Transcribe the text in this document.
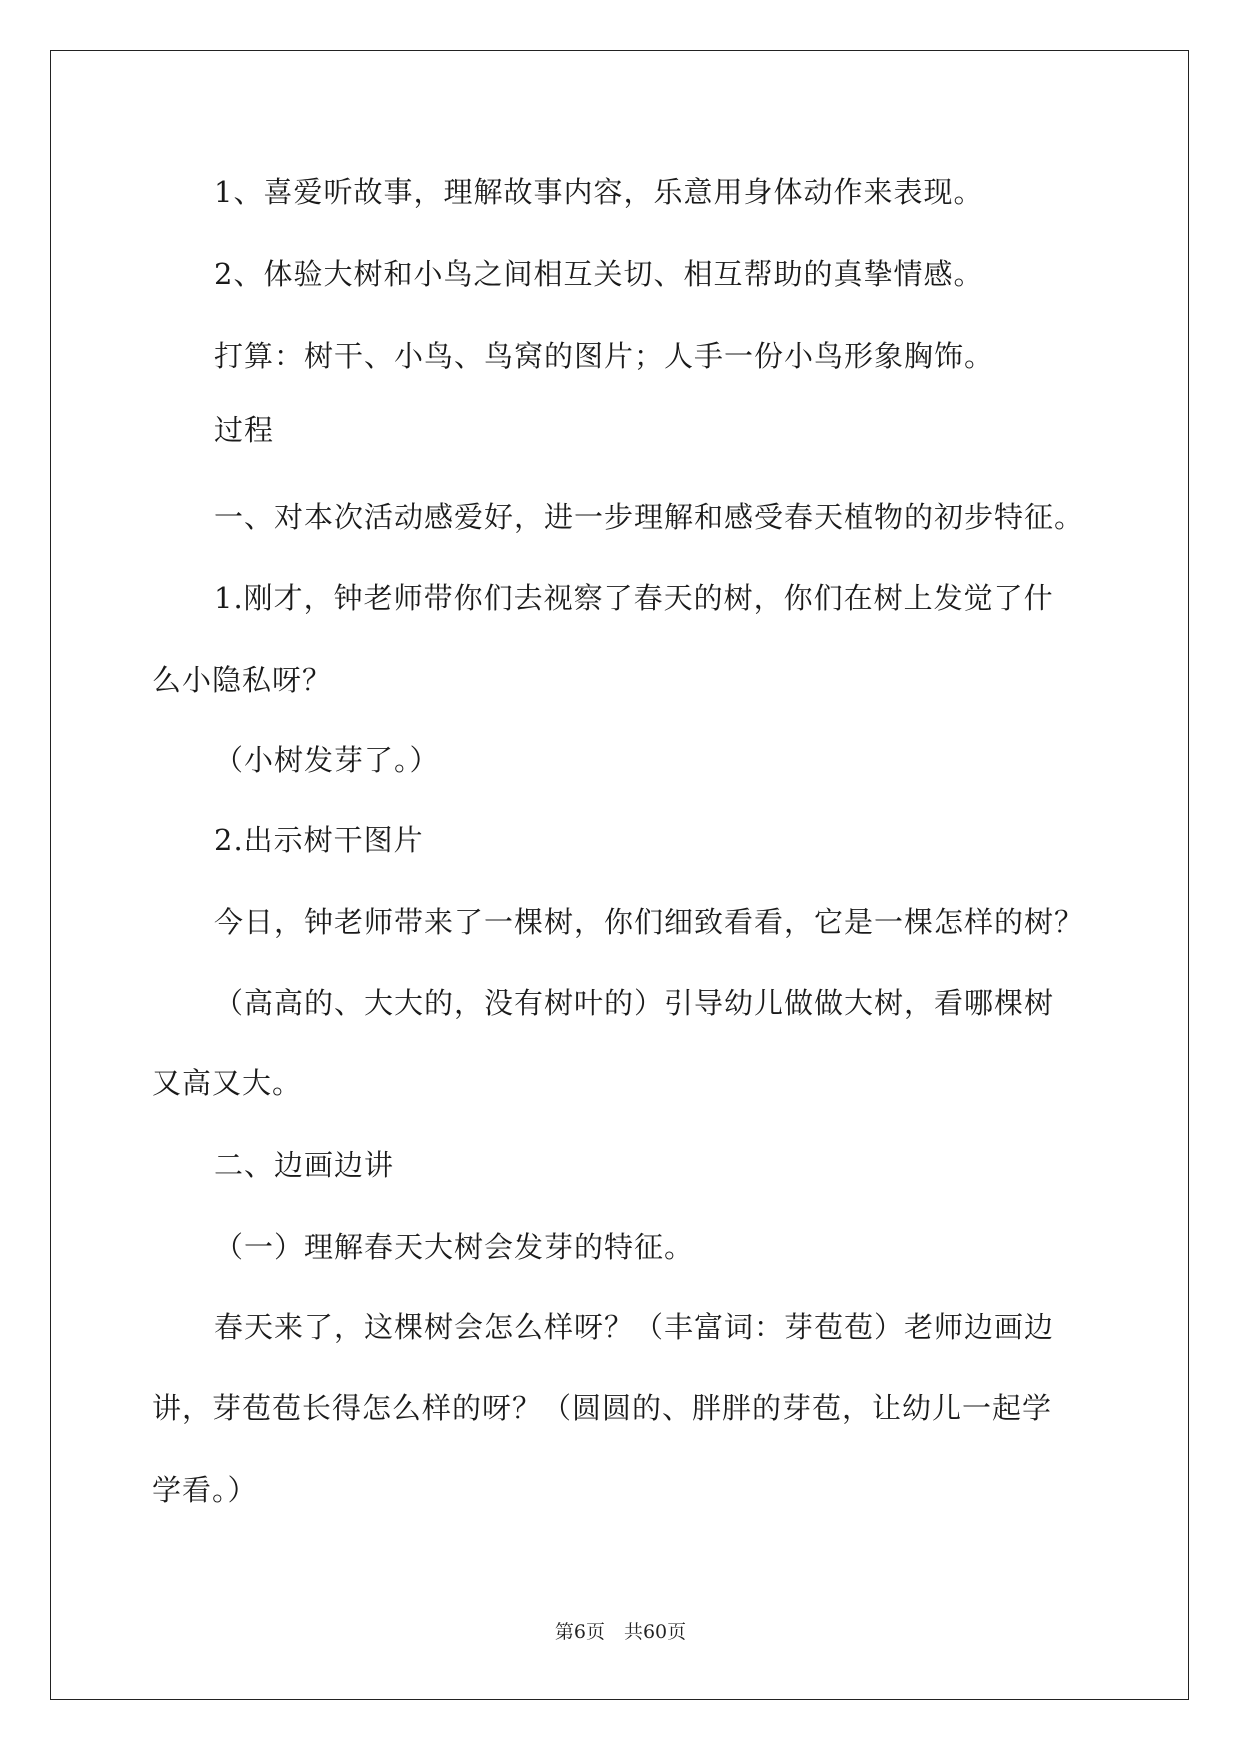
1、喜爱听故事，理解故事内容，乐意用身体动作来表现。
2、体验大树和小鸟之间相互关切、相互帮助的真挚情感。
打算：树干、小鸟、鸟窝的图片；人手一份小鸟形象胸饰。
过程
一、对本次活动感爱好，进一步理解和感受春天植物的初步特征。
1.刚才，钟老师带你们去视察了春天的树，你们在树上发觉了什
么小隐私呀？
（小树发芽了。）
2.出示树干图片
今日，钟老师带来了一棵树，你们细致看看，它是一棵怎样的树？
（高高的、大大的，没有树叶的）引导幼儿做做大树，看哪棵树
又高又大。
二、边画边讲
（一）理解春天大树会发芽的特征。
春天来了，这棵树会怎么样呀？（丰富词：芽苞苞）老师边画边
讲，芽苞苞长得怎么样的呀？（圆圆的、胖胖的芽苞，让幼儿一起学
学看。）
第6页　共60页
